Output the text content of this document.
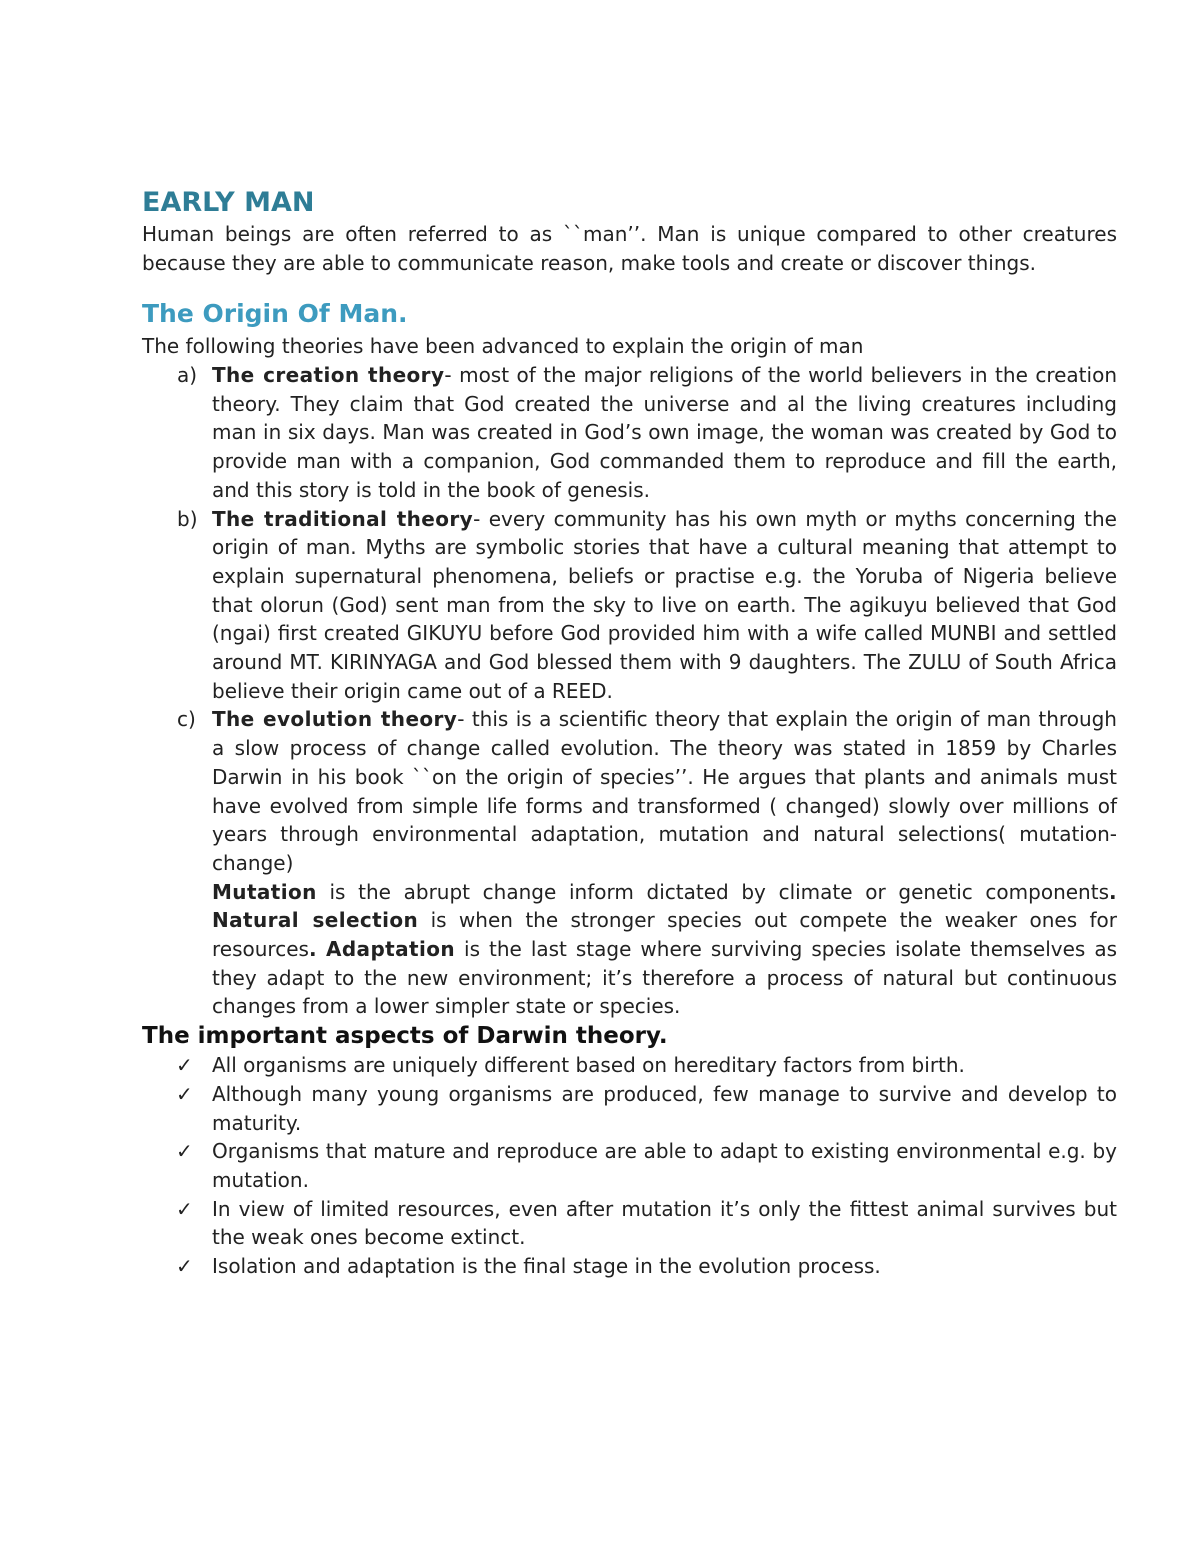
EARLY MAN

Human beings are often referred to as ``man’’. Man is unique compared to other creatures because they are able to communicate reason, make tools and create or discover things.

The Origin Of Man.

The following theories have been advanced to explain the origin of man

a) The creation theory- most of the major religions of the world believers in the creation theory. They claim that God created the universe and al the living creatures including man in six days. Man was created in God’s own image, the woman was created by God to provide man with a companion, God commanded them to reproduce and fill the earth, and this story is told in the book of genesis.
b) The traditional theory- every community has his own myth or myths concerning the origin of man. Myths are symbolic stories that have a cultural meaning that attempt to explain supernatural phenomena, beliefs or practise e.g. the Yoruba of Nigeria believe that olorun (God) sent man from the sky to live on earth. The agikuyu believed that God (ngai) first created GIKUYU before God provided him with a wife called MUNBI and settled around MT. KIRINYAGA and God blessed them with 9 daughters. The ZULU of South Africa believe their origin came out of a REED.
c) The evolution theory- this is a scientific theory that explain the origin of man through a slow process of change called evolution. The theory was stated in 1859 by Charles Darwin in his book ``on the origin of species’’. He argues that plants and animals must have evolved from simple life forms and transformed ( changed) slowly over millions of years through environmental adaptation, mutation and natural selections( mutation-change)
Mutation is the abrupt change inform dictated by climate or genetic components. Natural selection is when the stronger species out compete the weaker ones for resources. Adaptation is the last stage where surviving species isolate themselves as they adapt to the new environment; it’s therefore a process of natural but continuous changes from a lower simpler state or species.
The important aspects of Darwin theory.
✓ All organisms are uniquely different based on hereditary factors from birth.
✓ Although many young organisms are produced, few manage to survive and develop to maturity.
✓ Organisms that mature and reproduce are able to adapt to existing environmental e.g. by mutation.
✓ In view of limited resources, even after mutation it’s only the fittest animal survives but the weak ones become extinct.
✓ Isolation and adaptation is the final stage in the evolution process.
